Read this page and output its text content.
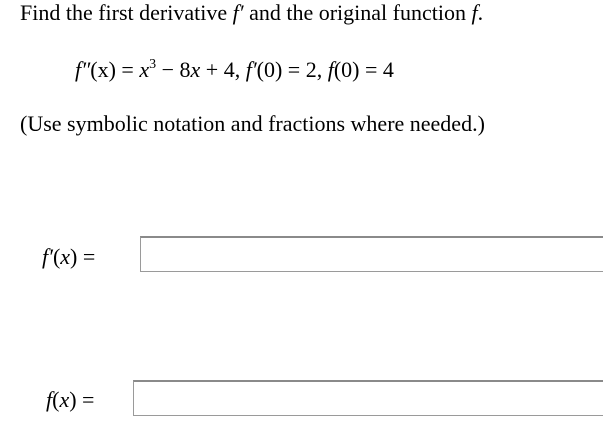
Find the first derivative f′ and the original function f.
$f''(x) = x^3 - 8x + 4$, f′(0) = 2, f(0) = 4
(Use symbolic notation and fractions where needed.)
f′(x) =
f(x) =
